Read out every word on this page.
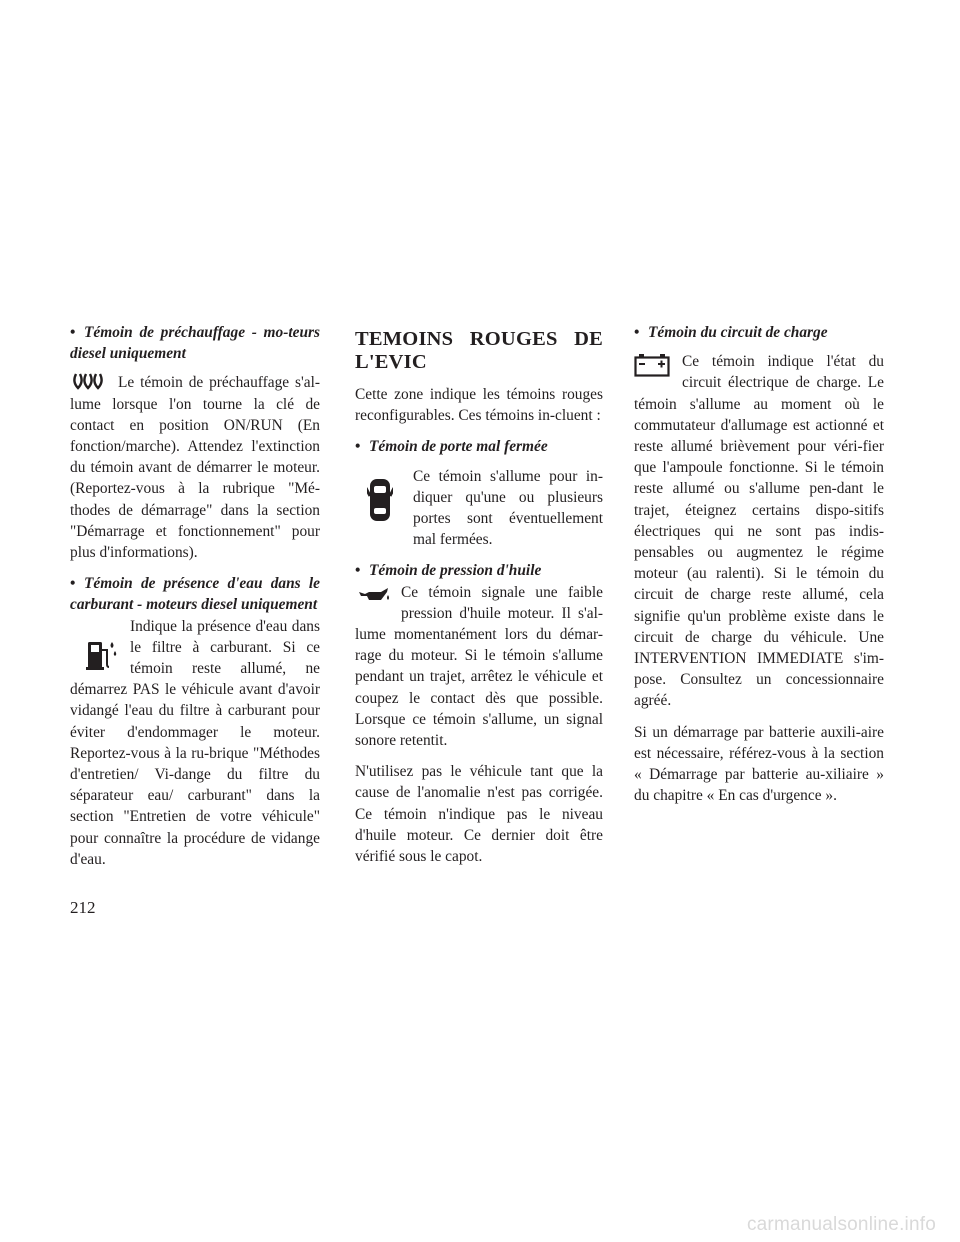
• Témoin de préchauffage - mo-teurs diesel uniquement

Le témoin de préchauffage s'al-lume lorsque l'on tourne la clé de contact en position ON/RUN (En fonction/marche). Attendez l'extinction du témoin avant de démarrer le moteur. (Reportez-vous à la rubrique "Mé-thodes de démarrage" dans la section "Démarrage et fonctionnement" pour plus d'informations).

• Témoin de présence d'eau dans le carburant - moteurs diesel uniquement

Indique la présence d'eau dans le filtre à carburant. Si ce témoin reste allumé, ne démarrez PAS le véhicule avant d'avoir vidangé l'eau du filtre à carburant pour éviter d'endommager le moteur. Reportez-vous à la ru-brique "Méthodes d'entretien/ Vi-dange du filtre du séparateur eau/ carburant" dans la section "Entretien de votre véhicule" pour connaître la procédure de vidange d'eau.

TEMOINS ROUGES DE L'EVIC

Cette zone indique les témoins rouges reconfigurables. Ces témoins in-cluent :

• Témoin de porte mal fermée

Ce témoin s'allume pour in-diquer qu'une ou plusieurs portes sont éventuellement mal fermées.

• Témoin de pression d'huile

Ce témoin signale une faible pression d'huile moteur. Il s'al-lume momentanément lors du démar-rage du moteur. Si le témoin s'allume pendant un trajet, arrêtez le véhicule et coupez le contact dès que possible. Lorsque ce témoin s'allume, un signal sonore retentit.

N'utilisez pas le véhicule tant que la cause de l'anomalie n'est pas corrigée. Ce témoin n'indique pas le niveau d'huile moteur. Ce dernier doit être vérifié sous le capot.

• Témoin du circuit de charge

Ce témoin indique l'état du circuit électrique de charge. Le témoin s'allume au moment où le commutateur d'allumage est actionné et reste allumé brièvement pour véri-fier que l'ampoule fonctionne. Si le témoin reste allumé ou s'allume pen-dant le trajet, éteignez certains dispo-sitifs électriques qui ne sont pas indis-pensables ou augmentez le régime moteur (au ralenti). Si le témoin du circuit de charge reste allumé, cela signifie qu'un problème existe dans le circuit de charge du véhicule. Une INTERVENTION IMMEDIATE s'im-pose. Consultez un concessionnaire agréé.

Si un démarrage par batterie auxili-aire est nécessaire, référez-vous à la section « Démarrage par batterie au-xiliaire » du chapitre « En cas d'urgence ».

212
carmanualsonline.info
